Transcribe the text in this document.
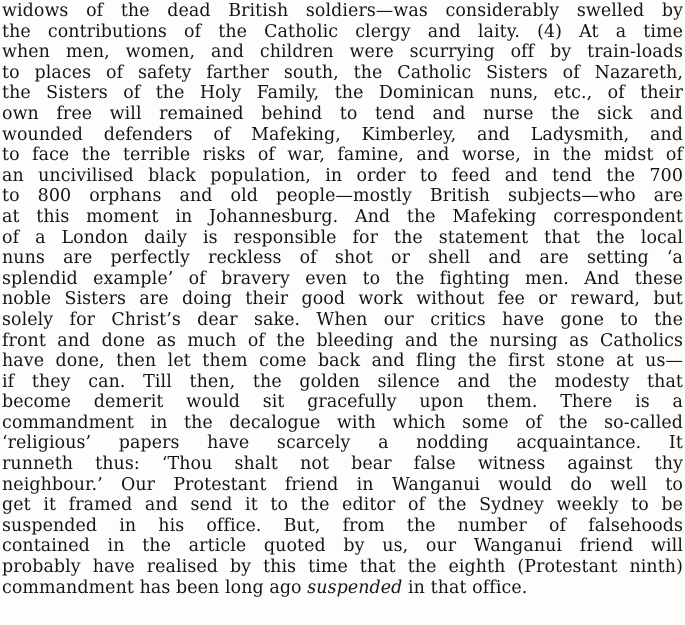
widows of the dead British soldiers—was considerably swelled by
the contributions of the Catholic clergy and laity. (4) At a time
when men, women, and children were scurrying off by train-loads
to places of safety farther south, the Catholic Sisters of Nazareth,
the Sisters of the Holy Family, the Dominican nuns, etc., of their
own free will remained behind to tend and nurse the sick and
wounded defenders of Mafeking, Kimberley, and Ladysmith, and
to face the terrible risks of war, famine, and worse, in the midst of
an uncivilised black population, in order to feed and tend the 700
to 800 orphans and old people—mostly British subjects—who are
at this moment in Johannesburg. And the Mafeking correspondent
of a London daily is responsible for the statement that the local
nuns are perfectly reckless of shot or shell and are setting ‘a
splendid example’ of bravery even to the fighting men. And these
noble Sisters are doing their good work without fee or reward, but
solely for Christ’s dear sake. When our critics have gone to the
front and done as much of the bleeding and the nursing as Catholics
have done, then let them come back and fling the first stone at us—
if they can. Till then, the golden silence and the modesty that
become demerit would sit gracefully upon them. There is a
commandment in the decalogue with which some of the so-called
‘religious’ papers have scarcely a nodding acquaintance. It
runneth thus: ‘Thou shalt not bear false witness against thy
neighbour.’ Our Protestant friend in Wanganui would do well to
get it framed and send it to the editor of the Sydney weekly to be
suspended in his office. But, from the number of falsehoods
contained in the article quoted by us, our Wanganui friend will
probably have realised by this time that the eighth (Protestant ninth)
commandment has been long ago suspended in that office.
